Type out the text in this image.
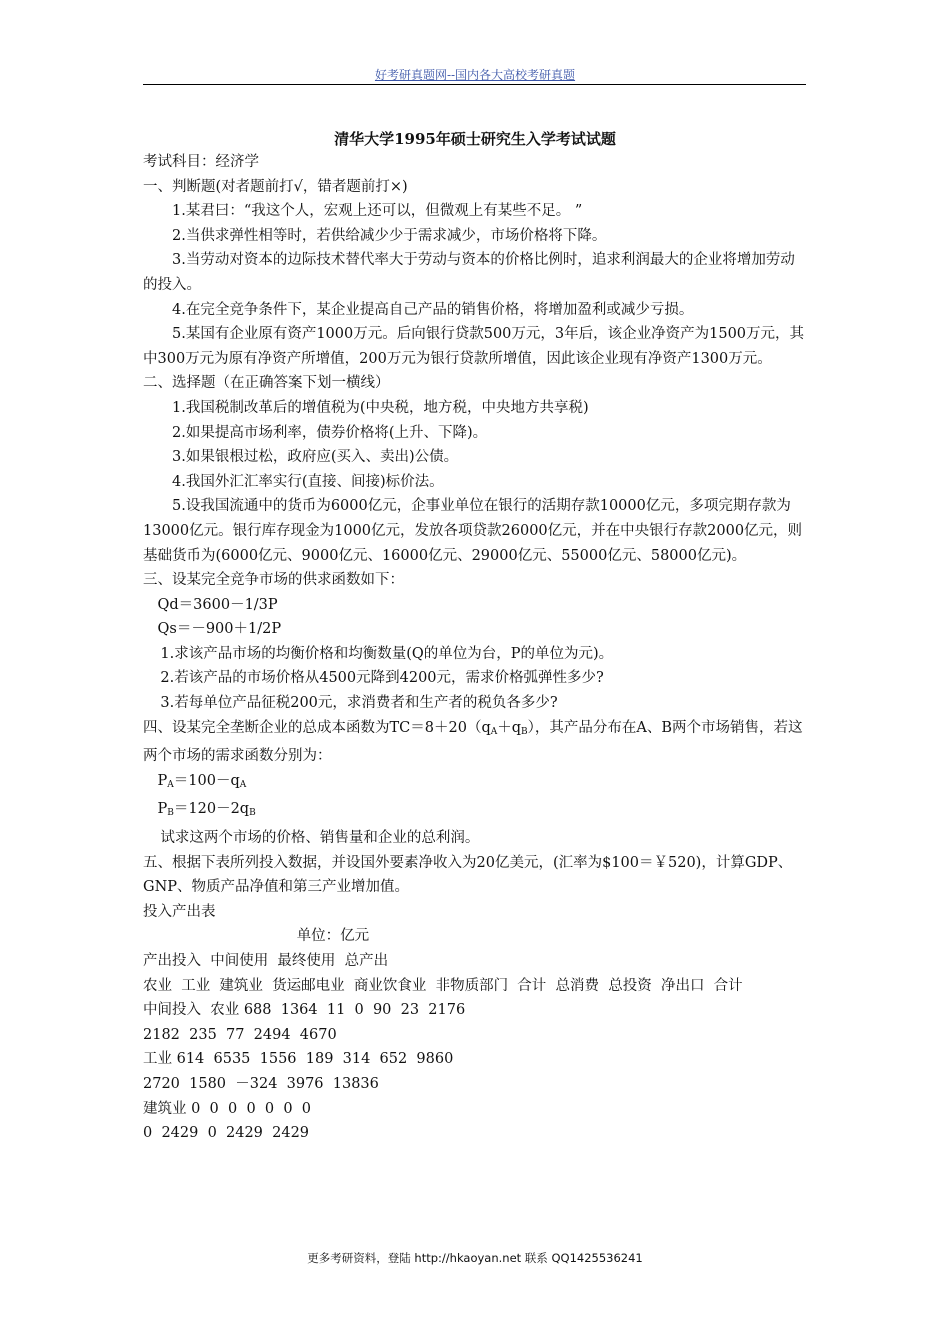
好考研真题网--国内各大高校考研真题
清华大学1995年硕士研究生入学考试试题

考试科目：经济学

一、判断题(对者题前打√，错者题前打×)

1.某君曰：“我这个人，宏观上还可以，但微观上有某些不足。 ”

2.当供求弹性相等时，若供给减少少于需求减少，市场价格将下降。

3.当劳动对资本的边际技术替代率大于劳动与资本的价格比例时，追求利润最大的企业将增加劳动的投入。

4.在完全竞争条件下，某企业提高自己产品的销售价格，将增加盈利或减少亏损。

5.某国有企业原有资产1000万元。后向银行贷款500万元，3年后，该企业净资产为1500万元，其中300万元为原有净资产所增值，200万元为银行贷款所增值，因此该企业现有净资产1300万元。

二、选择题（在正确答案下划一横线）

1.我国税制改革后的增值税为(中央税，地方税，中央地方共享税)

2.如果提高市场利率，债券价格将(上升、下降)。

3.如果银根过松，政府应(买入、卖出)公债。

4.我国外汇汇率实行(直接、间接)标价法。

5.设我国流通中的货币为6000亿元，企事业单位在银行的活期存款10000亿元，多项完期存款为13000亿元。银行库存现金为1000亿元，发放各项贷款26000亿元，并在中央银行存款2000亿元，则基础货币为(6000亿元、9000亿元、16000亿元、29000亿元、55000亿元、58000亿元)。

三、设某完全竞争市场的供求函数如下：

Qd＝3600－1/3P

Qs＝－900＋1/2P

1.求该产品市场的均衡价格和均衡数量(Q的单位为台，P的单位为元)。

2.若该产品的市场价格从4500元降到4200元，需求价格弧弹性多少?

3.若每单位产品征税200元，求消费者和生产者的税负各多少?

四、设某完全垄断企业的总成本函数为$TC=8+20(q_A+q_B)$，其产品分布在A、B两个市场销售，若这两个市场的需求函数分别为：

$P_A=100-q_A$

$P_B=120-2q_B$

试求这两个市场的价格、销售量和企业的总利润。

五、根据下表所列投入数据，并设国外要素净收入为20亿美元，(汇率为$100＝￥520)，计算GDP、GNP、物质产品净值和第三产业增加值。

投入产出表

单位：亿元

产出投入  中间使用  最终使用  总产出

农业  工业  建筑业  货运邮电业  商业饮食业  非物质部门  合计  总消费  总投资  净出口  合计

中间投入  农业 688  1364  11  0  90  23  2176

2182  235  77  2494  4670

工业 614  6535  1556  189  314  652  9860

2720  1580  －324  3976  13836

建筑业 0  0  0  0  0  0  0

0  2429  0  2429  2429

更多考研资料，登陆 http://hkaoyan.net 联系 QQ1425536241
